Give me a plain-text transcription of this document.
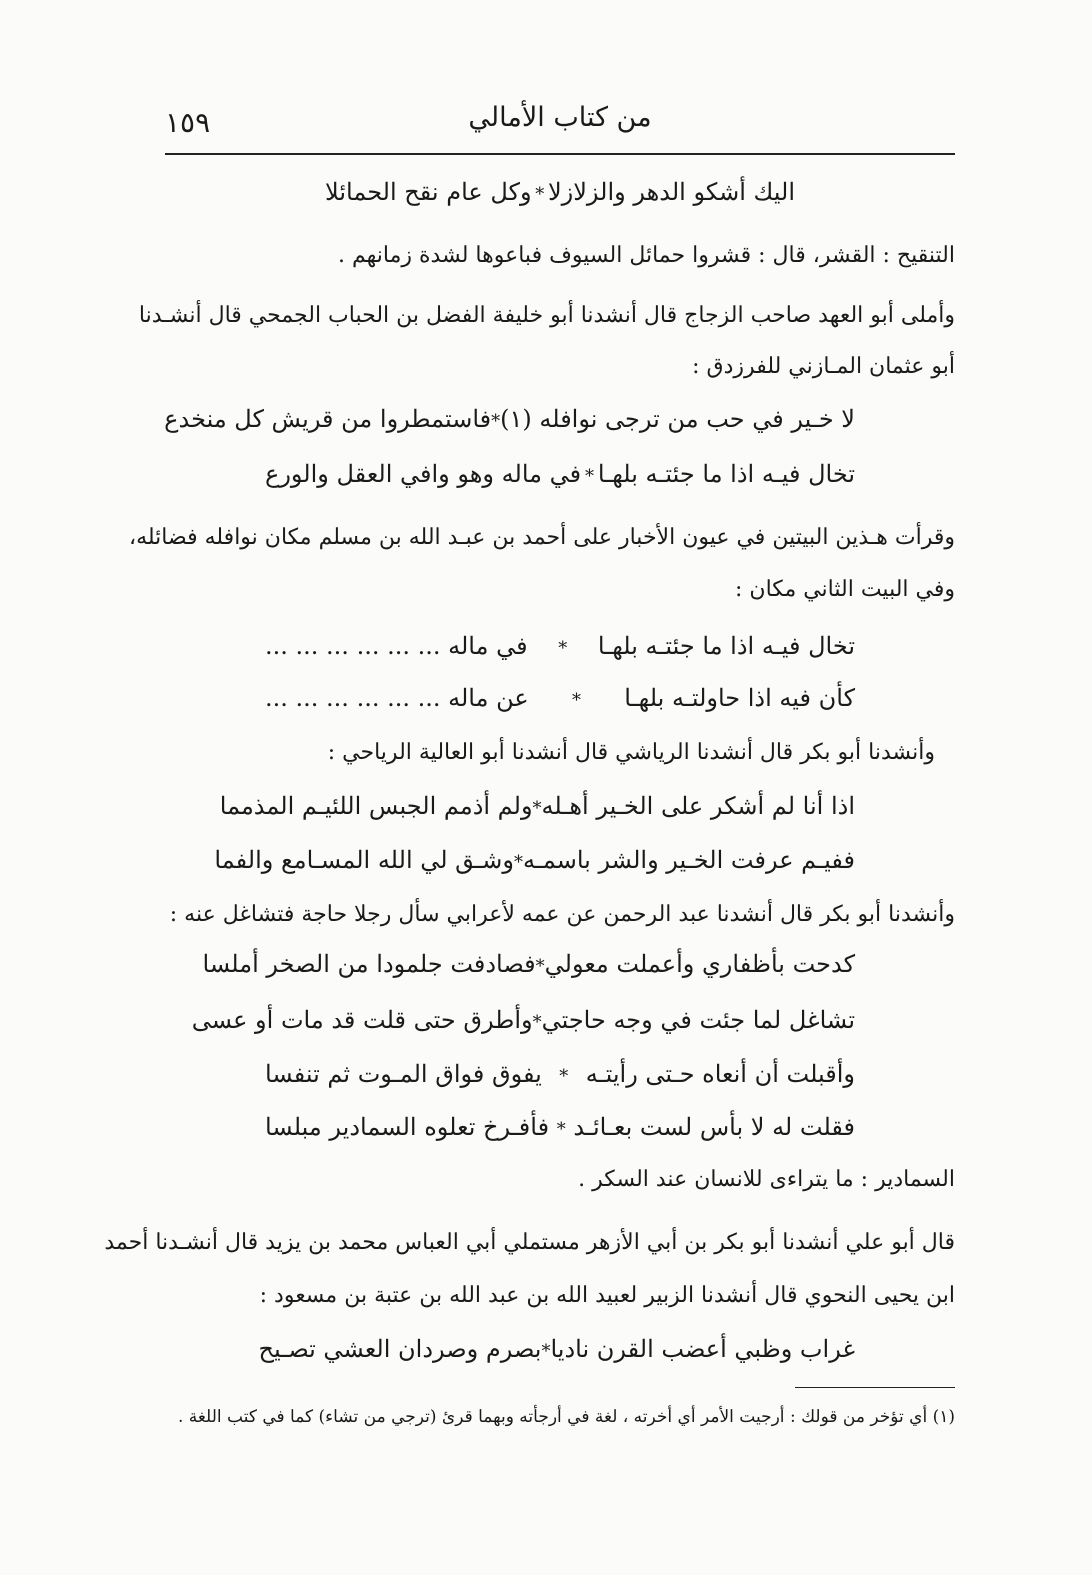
١٥٩	من كتاب الأمالي
اليك أشكو الدهر والزلازلا
*
وكل عام نقح الحمائلا
التنقيح : القشر، قال : قشروا حمائل السيوف فباعوها لشدة زمانهم .
وأملى أبو العهد صاحب الزجاج قال أنشدنا أبو خليفة الفضل بن الحباب الجمحي قال أنشـدنا
أبو عثمان المـازني للفرزدق :
لا خـير في حب من ترجى نوافله (١)
*
فاستمطروا من قريش كل منخدع
تخال فيـه اذا ما جئتـه بلهـا
*
في ماله وهو وافي العقل والورع
وقرأت هـذين البيتين في عيون الأخبار على أحمد بن عبـد الله بن مسلم مكان نوافله فضائله،
وفي البيت الثاني مكان :
تخال فيـه اذا ما جئتـه بلهـا
*
في ماله ... ... ... ... ... ...
كأن فيه اذا حاولتـه بلهـا
*
عن ماله ... ... ... ... ... ...
وأنشدنا أبو بكر قال أنشدنا الرياشي قال أنشدنا أبو العالية الرياحي :
اذا أنا لم أشكر على الخـير أهـله
*
ولم أذمم الجبس اللئيـم المذمما
ففيـم عرفت الخـير والشر باسمـه
*
وشـق لي الله المسـامع والفما
وأنشدنا أبو بكر قال أنشدنا عبد الرحمن عن عمه لأعرابي سأل رجلا حاجة فتشاغل عنه :
كدحت بأظفاري وأعملت معولي
*
فصادفت جلمودا من الصخر أملسا
تشاغل لما جئت في وجه حاجتي
*
وأطرق حتى قلت قد مات أو عسى
وأقبلت أن أنعاه حـتى رأيتـه
*
يفوق فواق المـوت ثم تنفسا
فقلت له لا بأس لست بعـائـد
*
فأفـرخ تعلوه السمادير مبلسا
السمادير : ما يتراءى للانسان عند السكر .
قال أبو علي أنشدنا أبو بكر بن أبي الأزهر مستملي أبي العباس محمد بن يزيد قال أنشـدنا أحمد
ابن يحيى النحوي قال أنشدنا الزبير لعبيد الله بن عبد الله بن عتبة بن مسعود :
غراب وظبي أعضب القرن ناديا
*
بصرم وصردان العشي تصـيح
(١) أي تؤخر من قولك : أرجيت الأمر أي أخرته ، لغة في أرجأته وبهما قرئ (ترجي من تشاء) كما في كتب اللغة .
